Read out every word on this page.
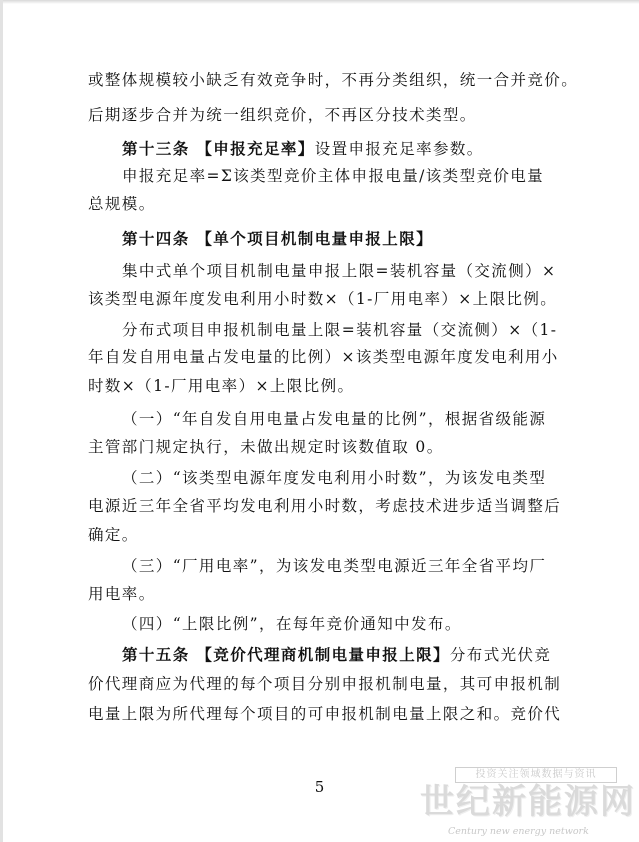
或整体规模较小缺乏有效竞争时，不再分类组织，统一合并竞价。
后期逐步合并为统一组织竞价，不再区分技术类型。
第十三条 【申报充足率】设置申报充足率参数。
申报充足率=Σ该类型竞价主体申报电量/该类型竞价电量
总规模。
第十四条 【单个项目机制电量申报上限】
集中式单个项目机制电量申报上限=装机容量（交流侧）×
该类型电源年度发电利用小时数×（1-厂用电率）×上限比例。
分布式项目申报机制电量上限=装机容量（交流侧）×（1-
年自发自用电量占发电量的比例）×该类型电源年度发电利用小
时数×（1-厂用电率）×上限比例。
（一）“年自发自用电量占发电量的比例”，根据省级能源
主管部门规定执行，未做出规定时该数值取 0。
（二）“该类型电源年度发电利用小时数”，为该发电类型
电源近三年全省平均发电利用小时数，考虑技术进步适当调整后
确定。
（三）“厂用电率”，为该发电类型电源近三年全省平均厂
用电率。
（四）“上限比例”，在每年竞价通知中发布。
第十五条 【竞价代理商机制电量申报上限】分布式光伏竞
价代理商应为代理的每个项目分别申报机制电量，其可申报机制
电量上限为所代理每个项目的可申报机制电量上限之和。竞价代
5
投资关注领域数据与资讯
世纪新能源网
Century new energy network
